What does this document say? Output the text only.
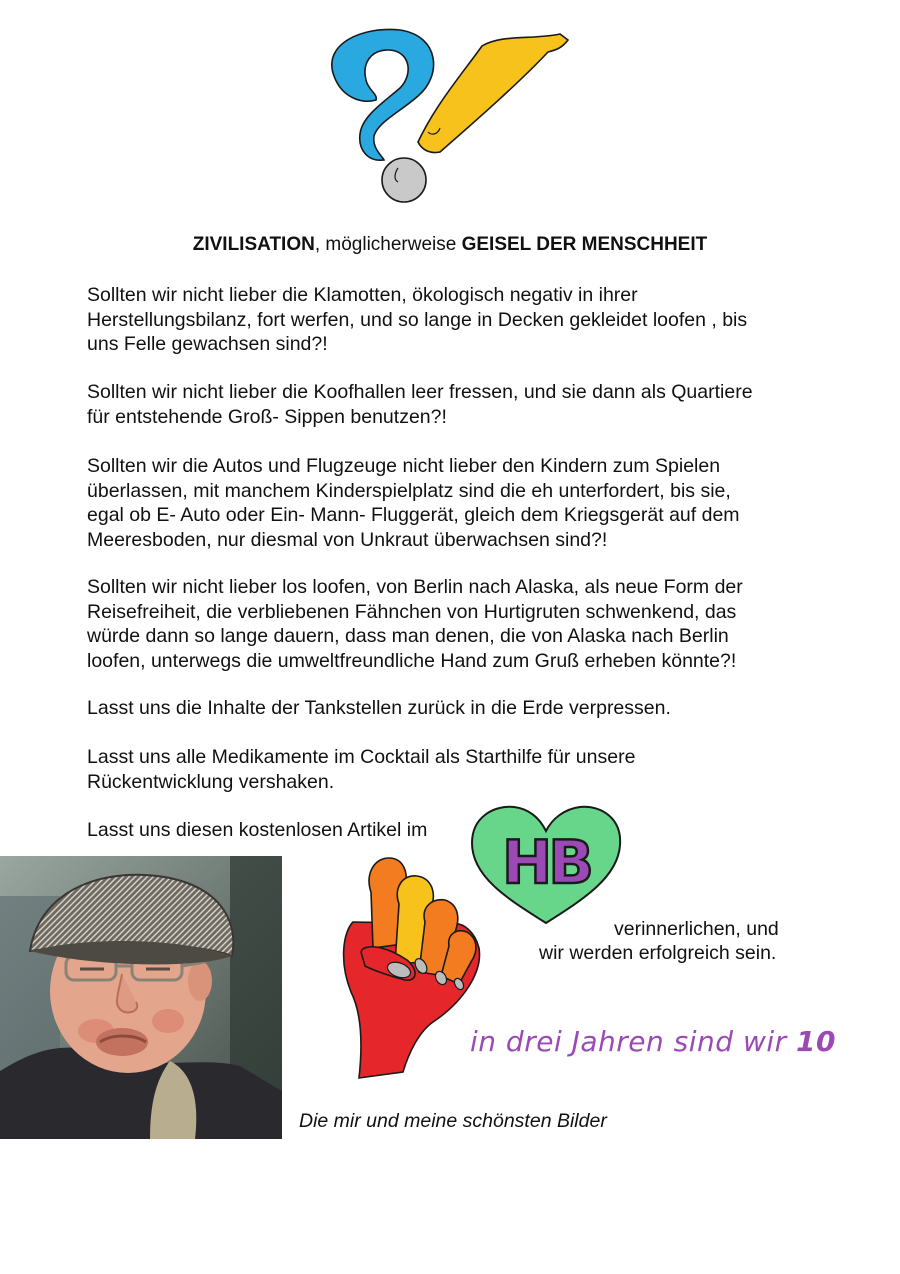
ZIVILISATION, möglicherweise GEISEL DER MENSCHHEIT

Sollten wir nicht lieber die Klamotten, ökologisch negativ in ihrer
Herstellungsbilanz, fort werfen, und so lange in Decken gekleidet loofen , bis
uns Felle gewachsen sind?!

Sollten wir nicht lieber die Koofhallen leer fressen, und sie dann als Quartiere
für entstehende Groß- Sippen benutzen?!

Sollten wir die Autos und Flugzeuge nicht lieber den Kindern zum Spielen
überlassen, mit manchem Kinderspielplatz sind die eh unterfordert, bis sie,
egal ob E- Auto oder Ein- Mann- Fluggerät, gleich dem Kriegsgerät auf dem
Meeresboden, nur diesmal von Unkraut überwachsen sind?!

Sollten wir nicht lieber los loofen, von Berlin nach Alaska, als neue Form der
Reisefreiheit, die verbliebenen Fähnchen von Hurtigruten schwenkend, das
würde dann so lange dauern, dass man denen, die von Alaska nach Berlin
loofen, unterwegs die umweltfreundliche Hand zum Gruß erheben könnte?!

Lasst uns die Inhalte der Tankstellen zurück in die Erde verpressen.

Lasst uns alle Medikamente im Cocktail als Starthilfe für unsere
Rückentwicklung vershaken.

Lasst uns diesen kostenlosen Artikel im	HB
verinnerlichen, und
wir werden erfolgreich sein.
in drei Jahren sind wir 10
Die mir und meine schönsten Bilder
